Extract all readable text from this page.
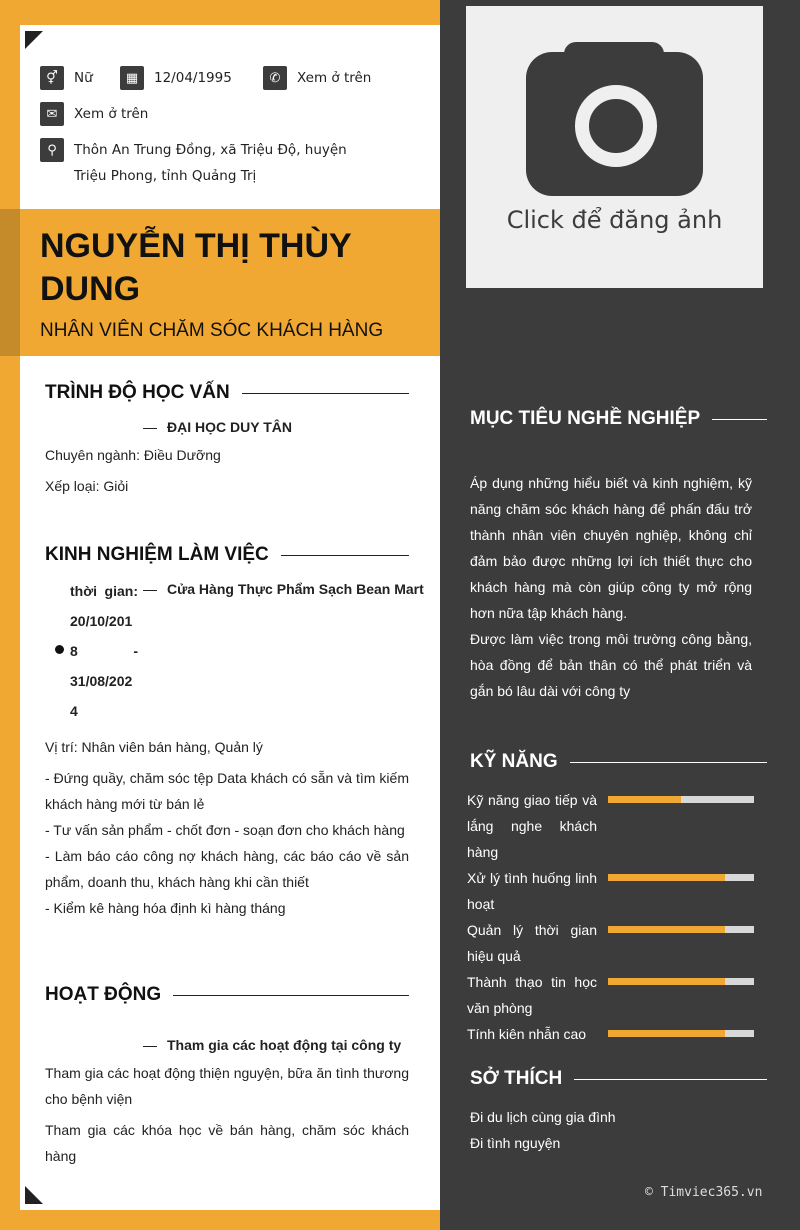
⚥	Nữ	▦	12/04/1995	✆	Xem ở trên
✉	Xem ở trên
⚲	Thôn An Trung Đồng, xã Triệu Độ, huyện Triệu Phong, tỉnh Quảng Trị
NGUYỄN THỊ THÙY DUNG
NHÂN VIÊN CHĂM SÓC KHÁCH HÀNG
TRÌNH ĐỘ HỌC VẤN
ĐẠI HỌC DUY TÂN
Chuyên ngành: Điều Dưỡng
Xếp loại: Giỏi
KINH NGHIỆM LÀM VIỆC
thời gian:
20/10/201
8 -
31/08/202
4
Cửa Hàng Thực Phẩm Sạch Bean Mart
Vị trí: Nhân viên bán hàng, Quản lý
- Đứng quầy, chăm sóc tệp Data khách có sẵn và tìm kiếm khách hàng mới từ bán lẻ
- Tư vấn sản phẩm - chốt đơn - soạn đơn cho khách hàng
- Làm báo cáo công nợ khách hàng, các báo cáo về sản phẩm, doanh thu, khách hàng khi cần thiết
- Kiểm kê hàng hóa định kì hàng tháng
HOẠT ĐỘNG
Tham gia các hoạt động tại công ty
Tham gia các hoạt động thiện nguyện, bữa ăn tình thương cho bệnh viện
Tham gia các khóa học về bán hàng, chăm sóc khách hàng
Click để đăng ảnh
MỤC TIÊU NGHỀ NGHIỆP
Áp dụng những hiểu biết và kinh nghiệm, kỹ năng chăm sóc khách hàng để phấn đấu trở thành nhân viên chuyên nghiệp, không chỉ đảm bảo được những lợi ích thiết thực cho khách hàng mà còn giúp công ty mở rộng hơn nữa tập khách hàng.
Được làm việc trong môi trường công bằng, hòa đồng để bản thân có thể phát triển và gắn bó lâu dài với công ty
KỸ NĂNG
Kỹ năng giao tiếp và lắng nghe khách hàng
Xử lý tình huống linh hoạt
Quản lý thời gian hiệu quả
Thành thạo tin học văn phòng
Tính kiên nhẫn cao
SỞ THÍCH
Đi du lịch cùng gia đình
Đi tình nguyện
© Timviec365.vn
